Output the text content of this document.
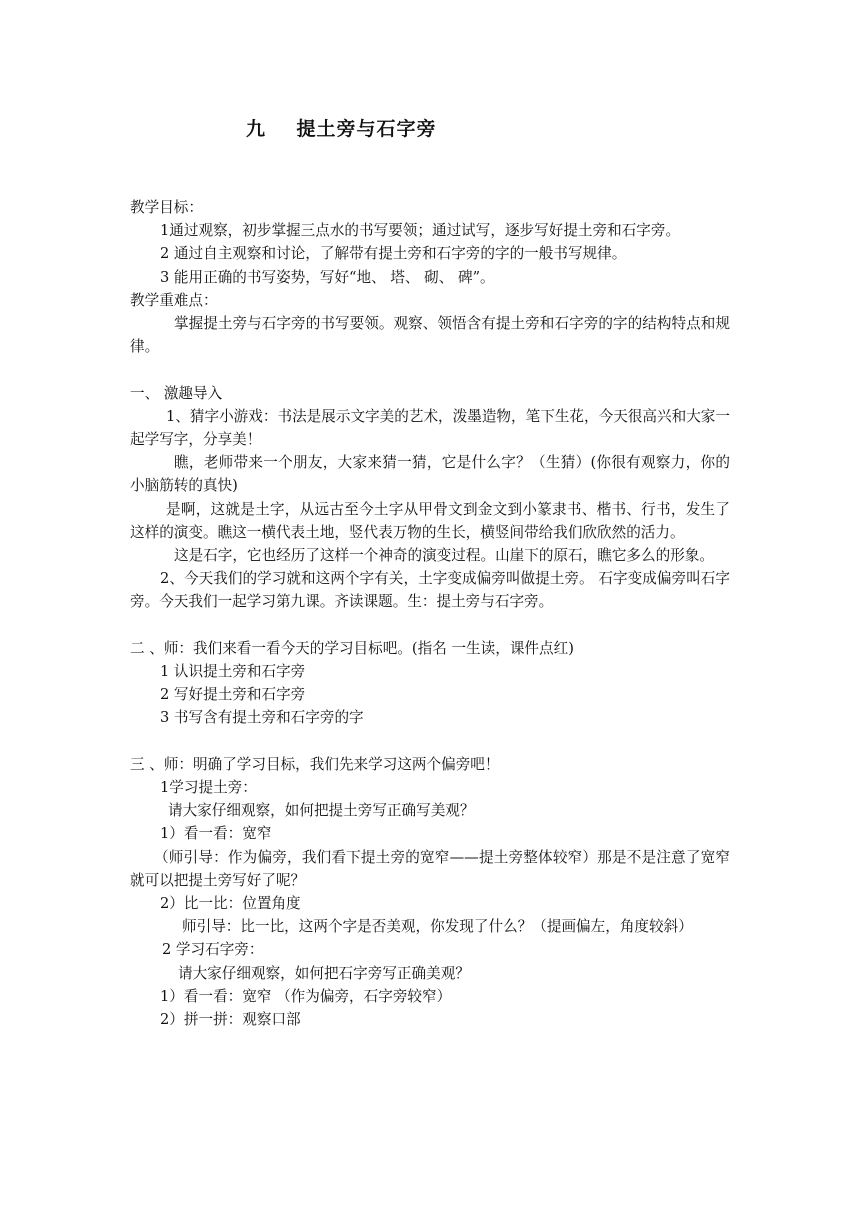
九    提土旁与石字旁

教学目标：

1通过观察，初步掌握三点水的书写要领；通过试写，逐步写好提土旁和石字旁。

2 通过自主观察和讨论，了解带有提土旁和石字旁的字的一般书写规律。

3 能用正确的书写姿势，写好“地、 塔、 砌、 碑”。

教学重难点：

掌握提土旁与石字旁的书写要领。观察、领悟含有提土旁和石字旁的字的结构特点和规律。

一、 激趣导入

1、猜字小游戏：书法是展示文字美的艺术，泼墨造物，笔下生花，今天很高兴和大家一起学写字，分享美！

瞧，老师带来一个朋友，大家来猜一猜，它是什么字？（生猜）(你很有观察力，你的小脑筋转的真快)

是啊，这就是土字，从远古至今土字从甲骨文到金文到小篆隶书、楷书、行书，发生了这样的演变。瞧这一横代表土地，竖代表万物的生长，横竖间带给我们欣欣然的活力。

这是石字，它也经历了这样一个神奇的演变过程。山崖下的原石，瞧它多么的形象。

2、今天我们的学习就和这两个字有关，土字变成偏旁叫做提土旁。 石字变成偏旁叫石字旁。今天我们一起学习第九课。齐读课题。生：提土旁与石字旁。

二 、师：我们来看一看今天的学习目标吧。(指名 一生读，课件点红)

1 认识提土旁和石字旁

2 写好提土旁和石字旁

3 书写含有提土旁和石字旁的字

三 、师：明确了学习目标，我们先来学习这两个偏旁吧！

1学习提土旁：

请大家仔细观察，如何把提土旁写正确写美观？

1）看一看：宽窄

（师引导：作为偏旁，我们看下提土旁的宽窄——提土旁整体较窄）那是不是注意了宽窄就可以把提土旁写好了呢？

2）比一比：位置角度

师引导：比一比，这两个字是否美观，你发现了什么？（提画偏左，角度较斜）

2 学习石字旁：

请大家仔细观察，如何把石字旁写正确美观？

1）看一看：宽窄 （作为偏旁，石字旁较窄）

2）拼一拼：观察口部
